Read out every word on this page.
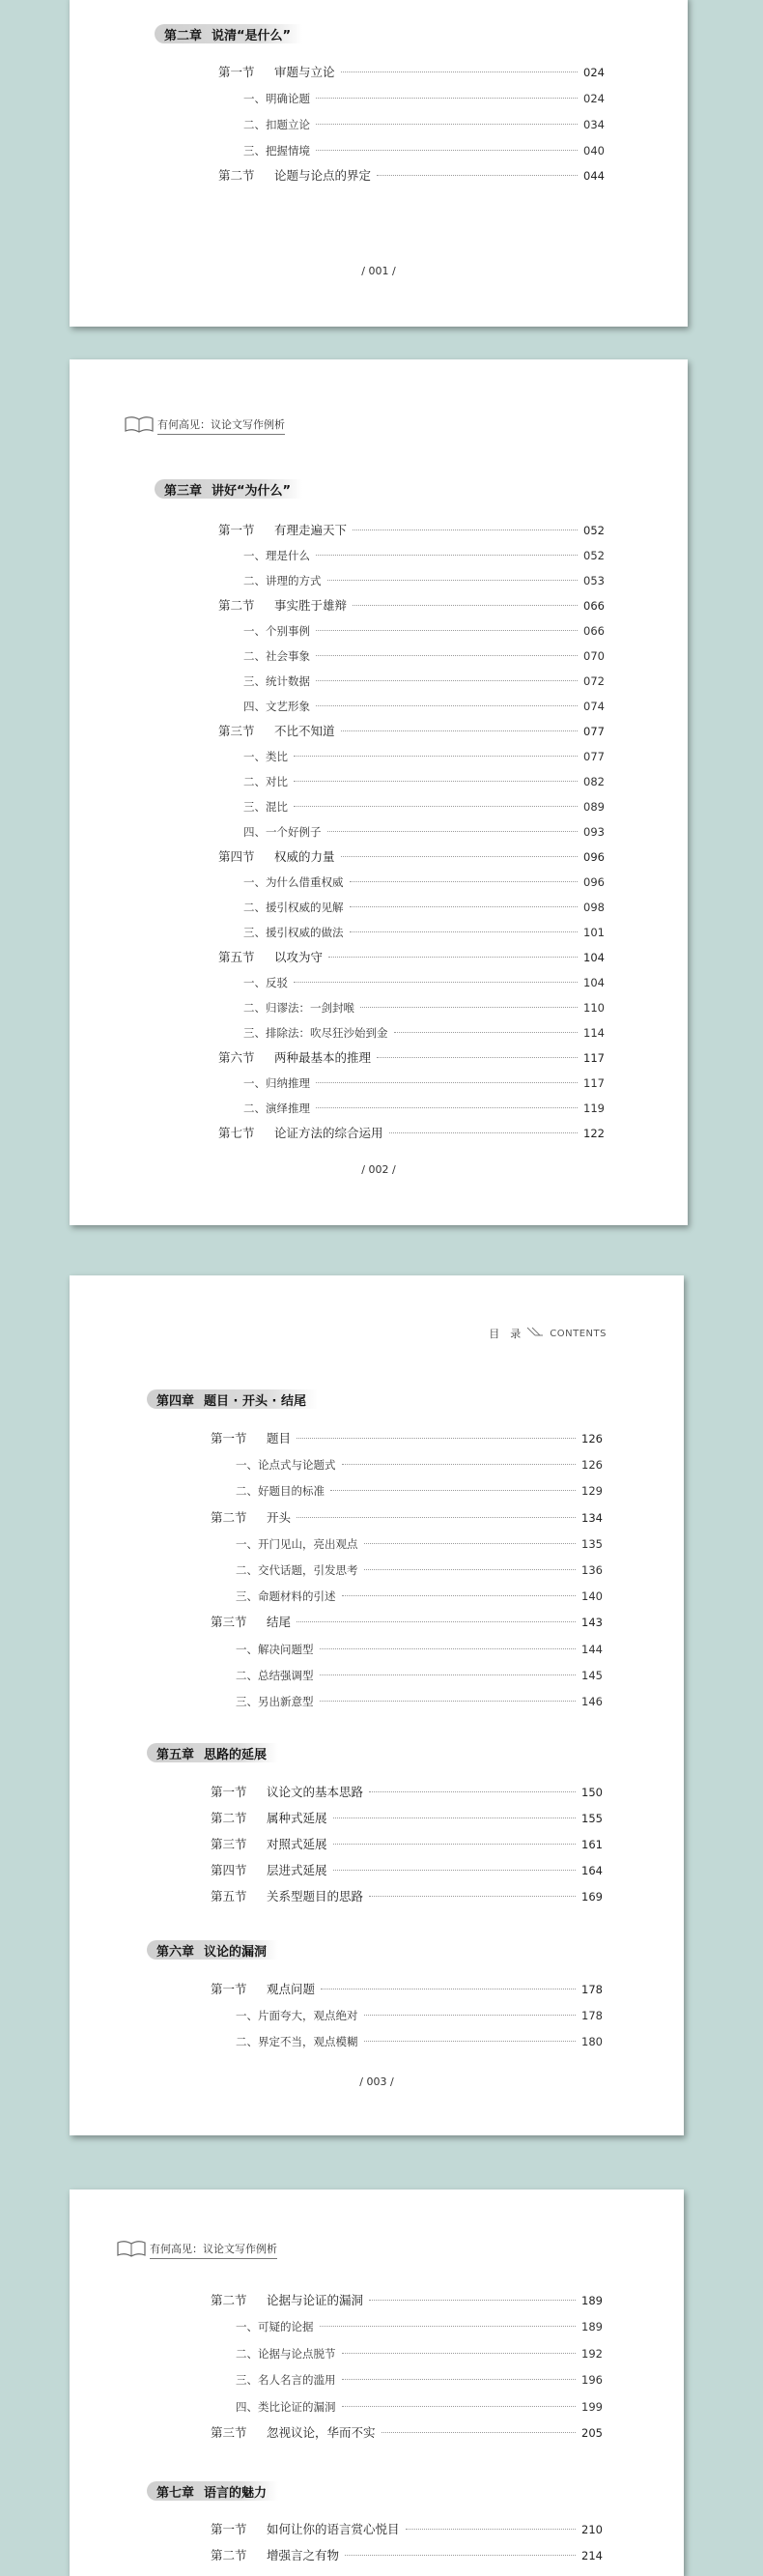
第二章 说清“是什么”
第一节	审题与立论	024
一、 明确论题	024
二、 扣题立论	034
三、 把握情境	040
第二节	论题与论点的界定	044
∕ 001 ∕
有何高见：议论文写作例析
第三章 讲好“为什么”
第一节	有理走遍天下	052
一、 理是什么	052
二、 讲理的方式	053
第二节	事实胜于雄辩	066
一、 个别事例	066
二、 社会事象	070
三、 统计数据	072
四、 文艺形象	074
第三节	不比不知道	077
一、 类比	077
二、 对比	082
三、 混比	089
四、 一个好例子	093
第四节	权威的力量	096
一、 为什么借重权威	096
二、 援引权威的见解	098
三、 援引权威的做法	101
第五节	以攻为守	104
一、 反驳	104
二、 归谬法：一剑封喉	110
三、 排除法：吹尽狂沙始到金	114
第六节	两种最基本的推理	117
一、 归纳推理	117
二、 演绎推理	119
第七节	论证方法的综合运用	122
∕ 002 ∕
目　录	CONTENTS
第四章 题目 · 开头 · 结尾
第一节	题目	126
一、 论点式与论题式	126
二、 好题目的标准	129
第二节	开头	134
一、 开门见山，亮出观点	135
二、 交代话题，引发思考	136
三、 命题材料的引述	140
第三节	结尾	143
一、 解决问题型	144
二、 总结强调型	145
三、 另出新意型	146
第五章 思路的延展
第一节	议论文的基本思路	150
第二节	属种式延展	155
第三节	对照式延展	161
第四节	层进式延展	164
第五节	关系型题目的思路	169
第六章 议论的漏洞
第一节	观点问题	178
一、 片面夸大，观点绝对	178
二、 界定不当，观点模糊	180
∕ 003 ∕
有何高见：议论文写作例析
第二节	论据与论证的漏洞	189
一、 可疑的论据	189
二、 论据与论点脱节	192
三、 名人名言的滥用	196
四、 类比论证的漏洞	199
第三节	忽视议论，华而不实	205
第七章 语言的魅力
第一节	如何让你的语言赏心悦目	210
第二节	增强言之有物	214
